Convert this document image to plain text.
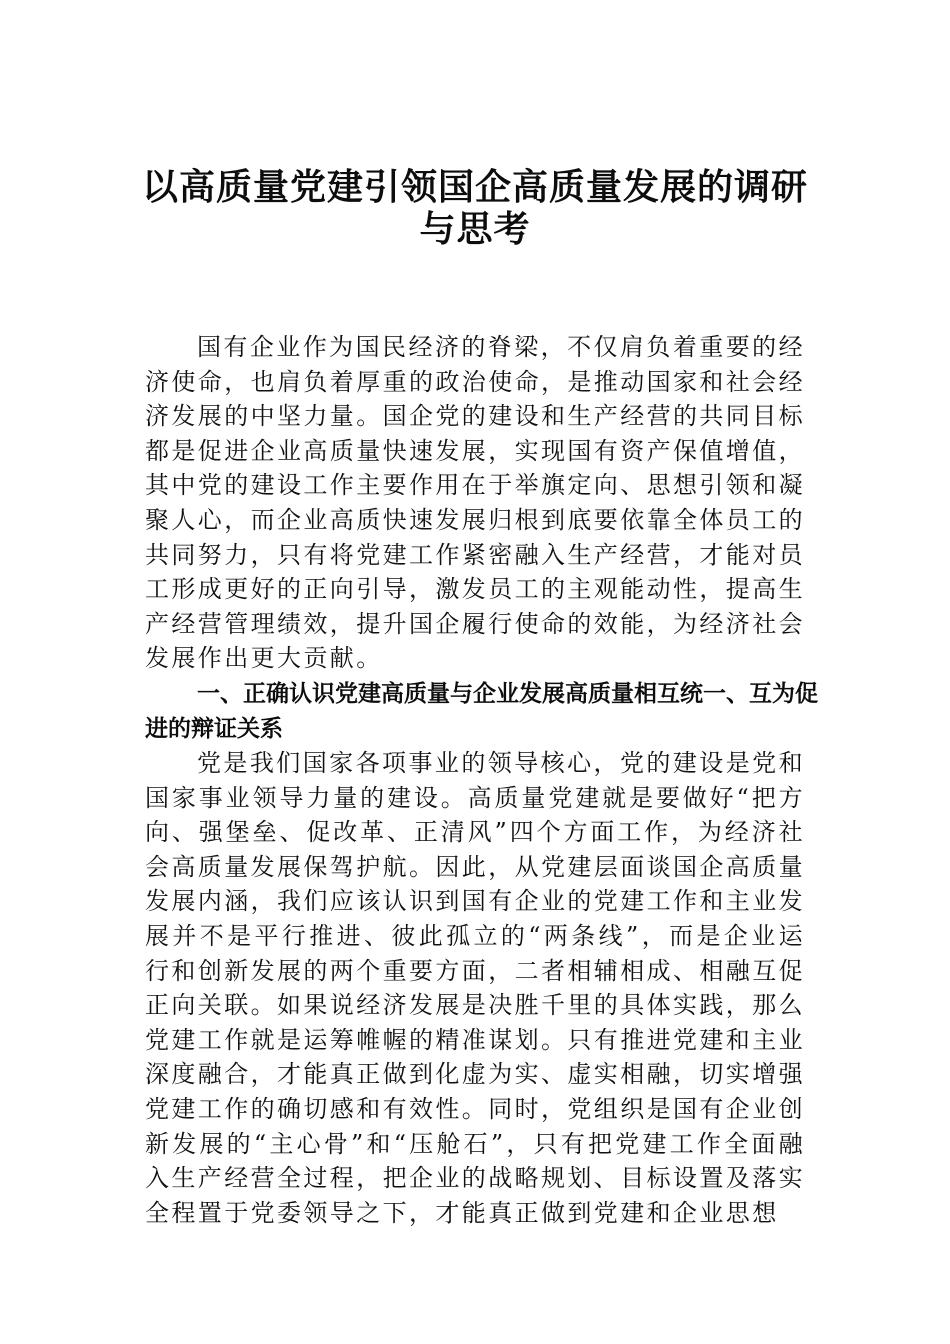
以高质量党建引领国企高质量发展的调研
与思考

国有企业作为国民经济的脊梁，不仅肩负着重要的经济使命，也肩负着厚重的政治使命，是推动国家和社会经济发展的中坚力量。国企党的建设和生产经营的共同目标都是促进企业高质量快速发展，实现国有资产保值增值，其中党的建设工作主要作用在于举旗定向、思想引领和凝聚人心，而企业高质快速发展归根到底要依靠全体员工的共同努力，只有将党建工作紧密融入生产经营，才能对员工形成更好的正向引导，激发员工的主观能动性，提高生产经营管理绩效，提升国企履行使命的效能，为经济社会发展作出更大贡献。

一、正确认识党建高质量与企业发展高质量相互统一、互为促进的辩证关系

党是我们国家各项事业的领导核心，党的建设是党和国家事业领导力量的建设。高质量党建就是要做好“把方向、强堡垒、促改革、正清风”四个方面工作，为经济社会高质量发展保驾护航。因此，从党建层面谈国企高质量发展内涵，我们应该认识到国有企业的党建工作和主业发展并不是平行推进、彼此孤立的“两条线”，而是企业运行和创新发展的两个重要方面，二者相辅相成、相融互促正向关联。如果说经济发展是决胜千里的具体实践，那么党建工作就是运筹帷幄的精准谋划。只有推进党建和主业深度融合，才能真正做到化虚为实、虚实相融，切实增强党建工作的确切感和有效性。同时，党组织是国有企业创新发展的“主心骨”和“压舱石”，只有把党建工作全面融入生产经营全过程，把企业的战略规划、目标设置及落实全程置于党委领导之下，才能真正做到党建和企业思想
